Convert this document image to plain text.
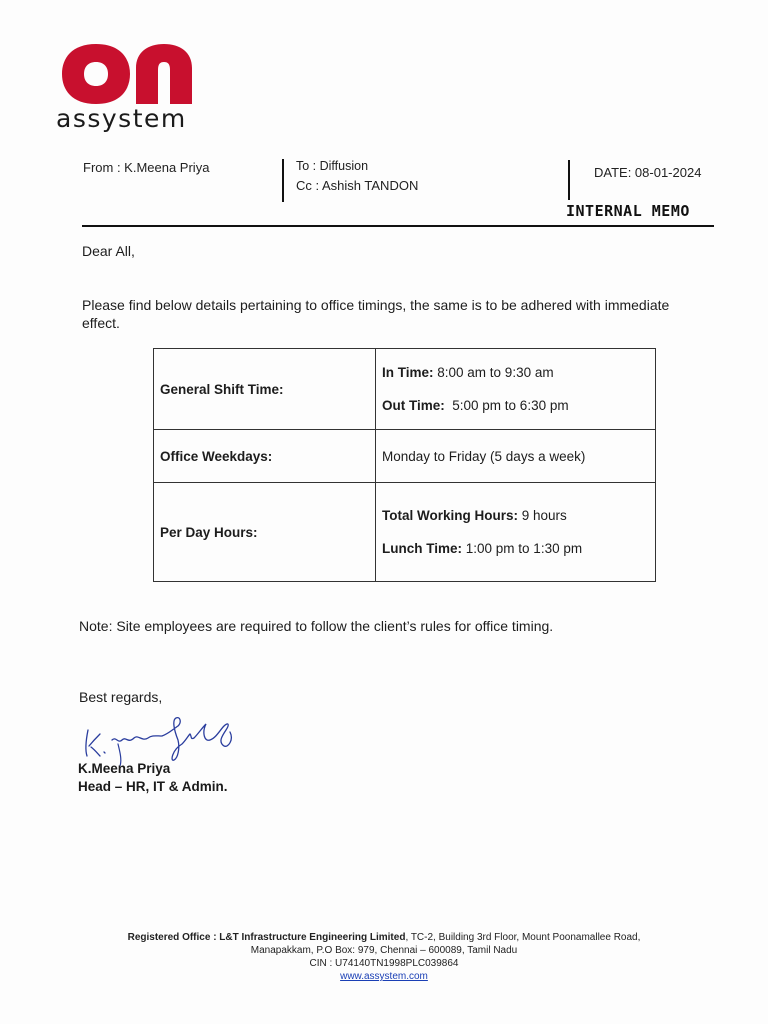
assystem
From : K.Meena Priya	To : Diffusion
Cc : Ashish TANDON
DATE: 08-01-2024
INTERNAL MEMO
Dear All,
Please find below details pertaining to office timings, the same is to be adhered with immediate effect.
General Shift Time:	In Time: 8:00 am to 9:30 am
Out Time:  5:00 pm to 6:30 pm

Office Weekdays:	Monday to Friday (5 days a week)

Per Day Hours:	Total Working Hours: 9 hours
Lunch Time: 1:00 pm to 1:30 pm
Note: Site employees are required to follow the client’s rules for office timing.
Best regards,
K.Meena Priya
Head – HR, IT & Admin.
Registered Office : L&T Infrastructure Engineering Limited, TC-2, Building 3rd Floor, Mount Poonamallee Road,
Manapakkam, P.O Box: 979, Chennai – 600089, Tamil Nadu
CIN : U74140TN1998PLC039864
www.assystem.com
